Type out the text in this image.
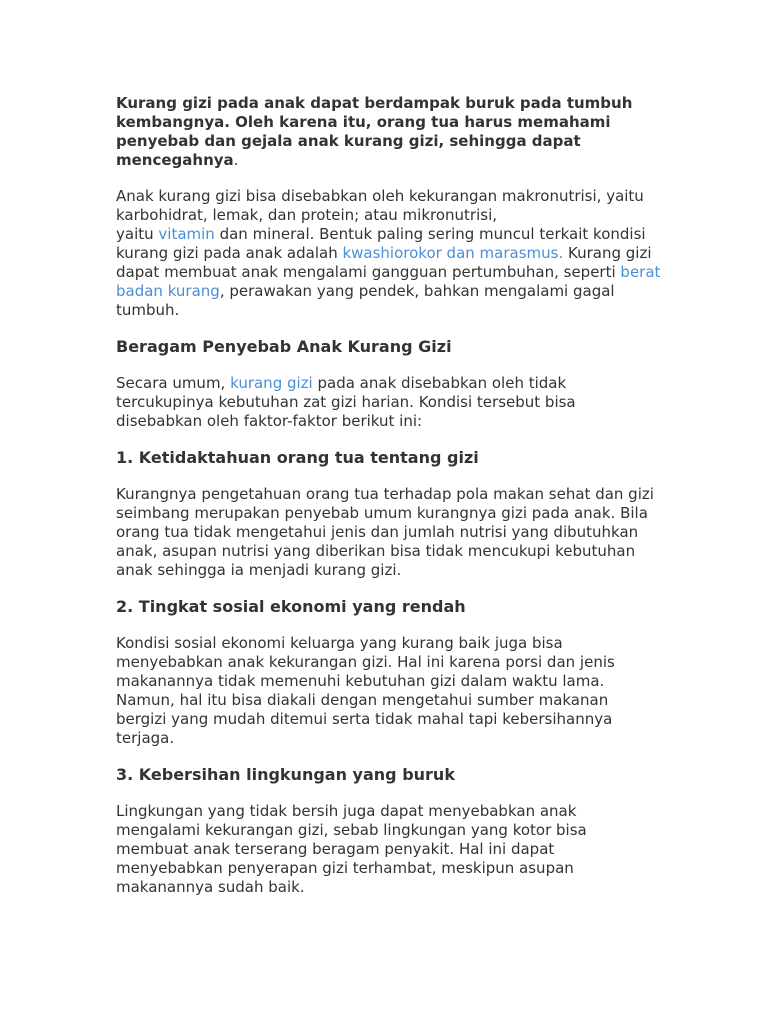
Kurang gizi pada anak dapat berdampak buruk pada tumbuh kembangnya. Oleh karena itu, orang tua harus memahami penyebab dan gejala anak kurang gizi, sehingga dapat mencegahnya.

Anak kurang gizi bisa disebabkan oleh kekurangan makronutrisi, yaitu karbohidrat, lemak, dan protein; atau mikronutrisi,
yaitu vitamin dan mineral. Bentuk paling sering muncul terkait kondisi kurang gizi pada anak adalah kwashiorokor dan marasmus. Kurang gizi dapat membuat anak mengalami gangguan pertumbuhan, seperti berat badan kurang, perawakan yang pendek, bahkan mengalami gagal tumbuh.

Beragam Penyebab Anak Kurang Gizi

Secara umum, kurang gizi pada anak disebabkan oleh tidak tercukupinya kebutuhan zat gizi harian. Kondisi tersebut bisa disebabkan oleh faktor-faktor berikut ini:

1. Ketidaktahuan orang tua tentang gizi

Kurangnya pengetahuan orang tua terhadap pola makan sehat dan gizi seimbang merupakan penyebab umum kurangnya gizi pada anak. Bila orang tua tidak mengetahui jenis dan jumlah nutrisi yang dibutuhkan anak, asupan nutrisi yang diberikan bisa tidak mencukupi kebutuhan anak sehingga ia menjadi kurang gizi.

2. Tingkat sosial ekonomi yang rendah

Kondisi sosial ekonomi keluarga yang kurang baik juga bisa menyebabkan anak kekurangan gizi. Hal ini karena porsi dan jenis makanannya tidak memenuhi kebutuhan gizi dalam waktu lama. Namun, hal itu bisa diakali dengan mengetahui sumber makanan bergizi yang mudah ditemui serta tidak mahal tapi kebersihannya terjaga.

3. Kebersihan lingkungan yang buruk

Lingkungan yang tidak bersih juga dapat menyebabkan anak mengalami kekurangan gizi, sebab lingkungan yang kotor bisa membuat anak terserang beragam penyakit. Hal ini dapat menyebabkan penyerapan gizi terhambat, meskipun asupan makanannya sudah baik.
